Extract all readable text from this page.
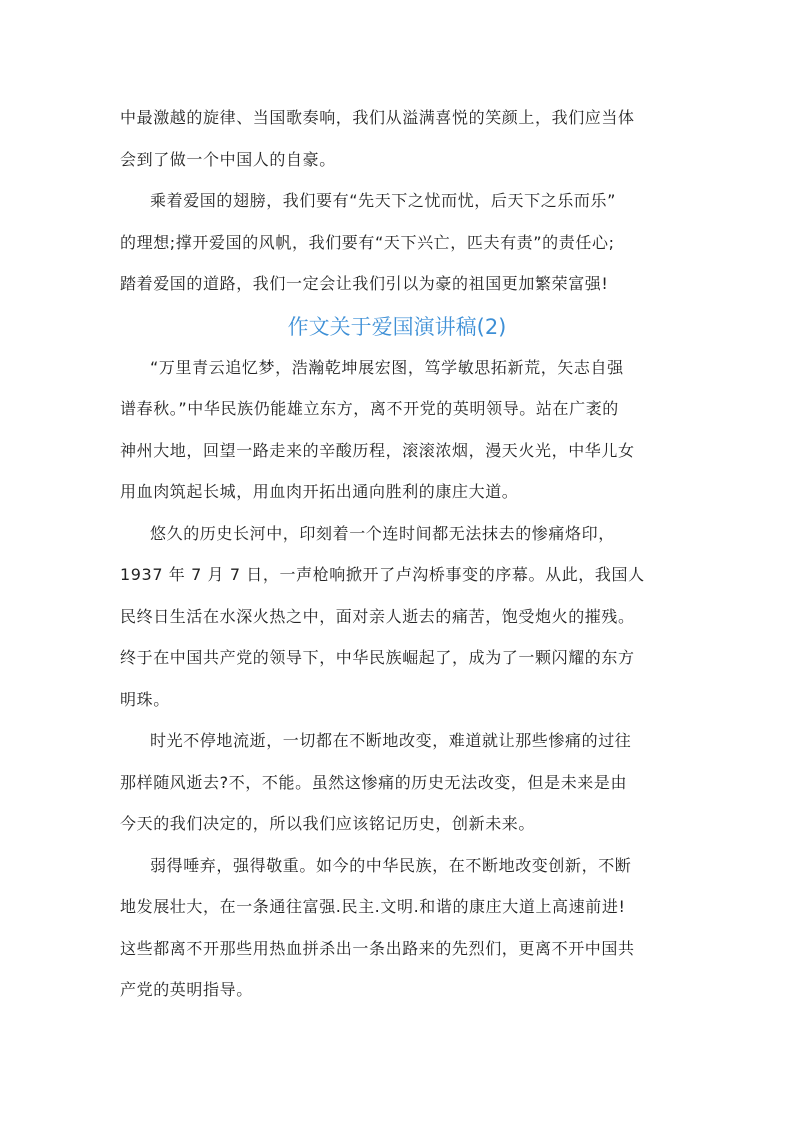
中最激越的旋律、当国歌奏响，我们从溢满喜悦的笑颜上，我们应当体
会到了做一个中国人的自豪。
乘着爱国的翅膀，我们要有“先天下之忧而忧，后天下之乐而乐”
的理想;撑开爱国的风帆，我们要有“天下兴亡，匹夫有责”的责任心;
踏着爱国的道路，我们一定会让我们引以为豪的祖国更加繁荣富强!
作文关于爱国演讲稿(2)
“万里青云追忆梦，浩瀚乾坤展宏图，笃学敏思拓新荒，矢志自强
谱春秋。”中华民族仍能雄立东方，离不开党的英明领导。站在广袤的
神州大地，回望一路走来的辛酸历程，滚滚浓烟，漫天火光，中华儿女
用血肉筑起长城，用血肉开拓出通向胜利的康庄大道。
悠久的历史长河中，印刻着一个连时间都无法抹去的惨痛烙印，
1937 年 7 月 7 日，一声枪响掀开了卢沟桥事变的序幕。从此，我国人
民终日生活在水深火热之中，面对亲人逝去的痛苦，饱受炮火的摧残。
终于在中国共产党的领导下，中华民族崛起了，成为了一颗闪耀的东方
明珠。
时光不停地流逝，一切都在不断地改变，难道就让那些惨痛的过往
那样随风逝去?不，不能。虽然这惨痛的历史无法改变，但是未来是由
今天的我们决定的，所以我们应该铭记历史，创新未来。
弱得唾弃，强得敬重。如今的中华民族，在不断地改变创新，不断
地发展壮大，在一条通往富强.民主.文明.和谐的康庄大道上高速前进!
这些都离不开那些用热血拼杀出一条出路来的先烈们，更离不开中国共
产党的英明指导。
